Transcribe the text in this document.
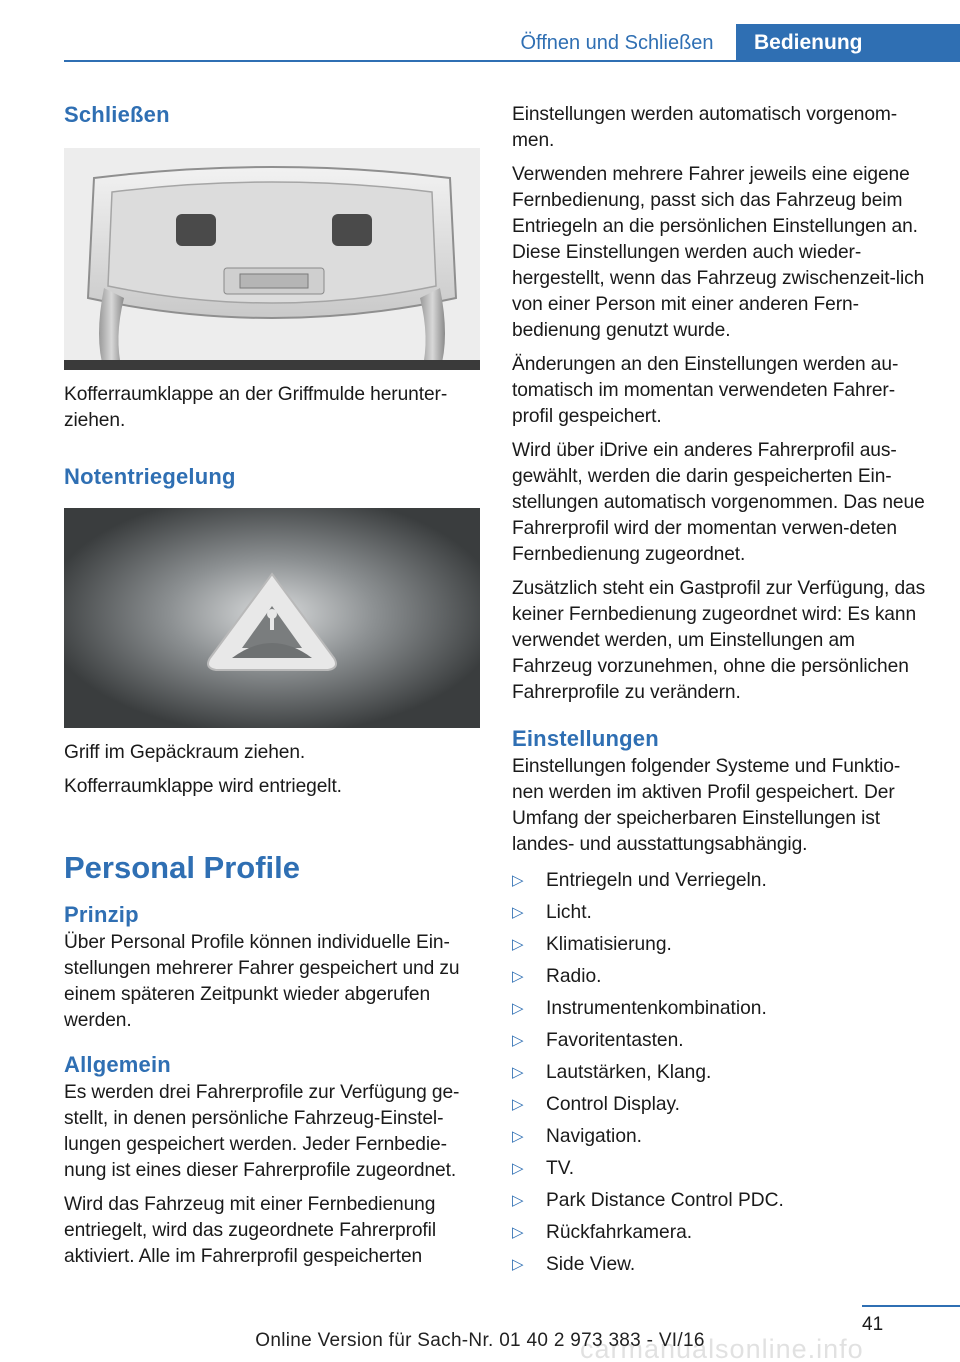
Öffnen und Schließen	Bedienung
Schließen

Kofferraumklappe an der Griffmulde herunter-ziehen.

Notentriegelung

Griff im Gepäckraum ziehen.

Kofferraumklappe wird entriegelt.

Personal Profile
Prinzip

Über Personal Profile können individuelle Ein-stellungen mehrerer Fahrer gespeichert und zu einem späteren Zeitpunkt wieder abgerufen werden.

Allgemein

Es werden drei Fahrerprofile zur Verfügung ge-stellt, in denen persönliche Fahrzeug-Einstel-lungen gespeichert werden. Jeder Fernbedie-nung ist eines dieser Fahrerprofile zugeordnet.

Wird das Fahrzeug mit einer Fernbedienung entriegelt, wird das zugeordnete Fahrerprofil aktiviert. Alle im Fahrerprofil gespeicherten

Einstellungen werden automatisch vorgenom-men.

Verwenden mehrere Fahrer jeweils eine eigene Fernbedienung, passt sich das Fahrzeug beim Entriegeln an die persönlichen Einstellungen an. Diese Einstellungen werden auch wieder-hergestellt, wenn das Fahrzeug zwischenzeit-lich von einer Person mit einer anderen Fern-bedienung genutzt wurde.

Änderungen an den Einstellungen werden au-tomatisch im momentan verwendeten Fahrer-profil gespeichert.

Wird über iDrive ein anderes Fahrerprofil aus-gewählt, werden die darin gespeicherten Ein-stellungen automatisch vorgenommen. Das neue Fahrerprofil wird der momentan verwen-deten Fernbedienung zugeordnet.

Zusätzlich steht ein Gastprofil zur Verfügung, das keiner Fernbedienung zugeordnet wird: Es kann verwendet werden, um Einstellungen am Fahrzeug vorzunehmen, ohne die persönlichen Fahrerprofile zu verändern.

Einstellungen

Einstellungen folgender Systeme und Funktio-nen werden im aktiven Profil gespeichert. Der Umfang der speicherbaren Einstellungen ist landes- und ausstattungsabhängig.

▷ Entriegeln und Verriegeln.
▷ Licht.
▷ Klimatisierung.
▷ Radio.
▷ Instrumentenkombination.
▷ Favoritentasten.
▷ Lautstärken, Klang.
▷ Control Display.
▷ Navigation.
▷ TV.
▷ Park Distance Control PDC.
▷ Rückfahrkamera.
▷ Side View.
41
carmanualsonline.info
Online Version für Sach-Nr. 01 40 2 973 383 - VI/16
